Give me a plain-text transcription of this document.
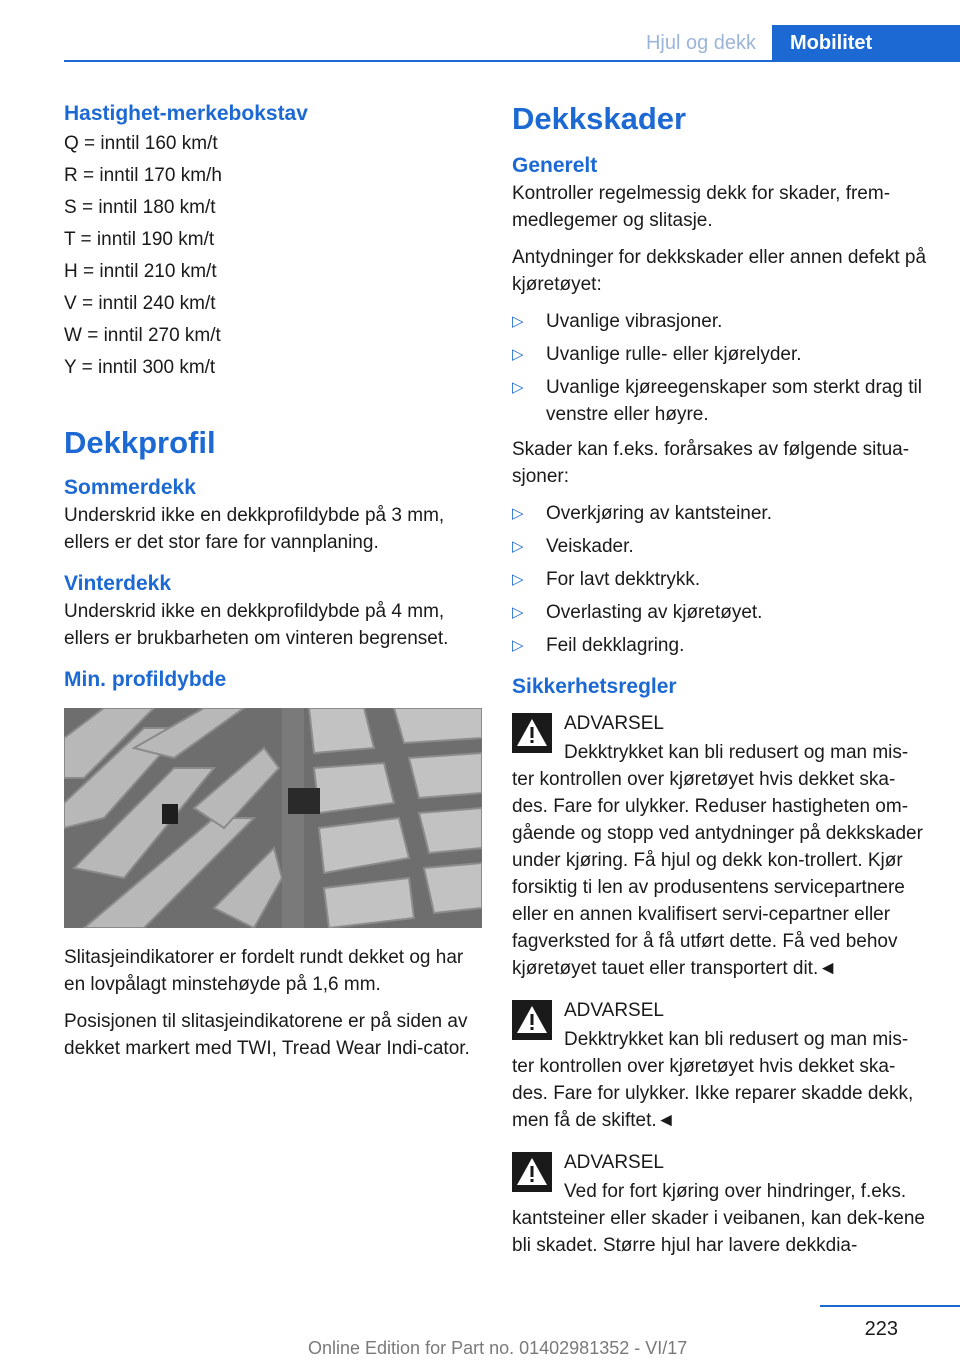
Hjul og dekk	Mobilitet
Hastighet-merkebokstav

Q = inntil 160 km/t

R = inntil 170 km/h

S = inntil 180 km/t

T = inntil 190 km/t

H = inntil 210 km/t

V = inntil 240 km/t

W = inntil 270 km/t

Y = inntil 300 km/t

Dekkprofil
Sommerdekk

Underskrid ikke en dekkprofildybde på 3 mm, ellers er det stor fare for vannplaning.

Vinterdekk

Underskrid ikke en dekkprofildybde på 4 mm, ellers er brukbarheten om vinteren begrenset.

Min. profildybde

Slitasjeindikatorer er fordelt rundt dekket og har en lovpålagt minstehøyde på 1,6 mm.

Posisjonen til slitasjeindikatorene er på siden av dekket markert med TWI, Tread Wear Indi-cator.

Dekkskader
Generelt

Kontroller regelmessig dekk for skader, frem-medlegemer og slitasje.

Antydninger for dekkskader eller annen defekt på kjøretøyet:

▷ Uvanlige vibrasjoner.
▷ Uvanlige rulle- eller kjørelyder.
▷ Uvanlige kjøreegenskaper som sterkt drag til venstre eller høyre.

Skader kan f.eks. forårsakes av følgende situa-sjoner:

▷ Overkjøring av kantsteiner.
▷ Veiskader.
▷ For lavt dekktrykk.
▷ Overlasting av kjøretøyet.
▷ Feil dekklagring.
Sikkerhetsregler
ADVARSEL
Dekktrykket kan bli redusert og man mis-ter kontrollen over kjøretøyet hvis dekket ska-des. Fare for ulykker. Reduser hastigheten om-gående og stopp ved antydninger på dekkskader under kjøring. Få hjul og dekk kon-trollert. Kjør forsiktig ti len av produsentens servicepartnere eller en annen kvalifisert servi-cepartner eller fagverksted for å få utført dette. Få ved behov kjøretøyet tauet eller transportert dit.◄
ADVARSEL
Dekktrykket kan bli redusert og man mis-ter kontrollen over kjøretøyet hvis dekket ska-des. Fare for ulykker. Ikke reparer skadde dekk, men få de skiftet.◄
ADVARSEL
Ved for fort kjøring over hindringer, f.eks. kantsteiner eller skader i veibanen, kan dek-kene bli skadet. Større hjul har lavere dekkdia-
223
Online Edition for Part no. 01402981352 - VI/17
